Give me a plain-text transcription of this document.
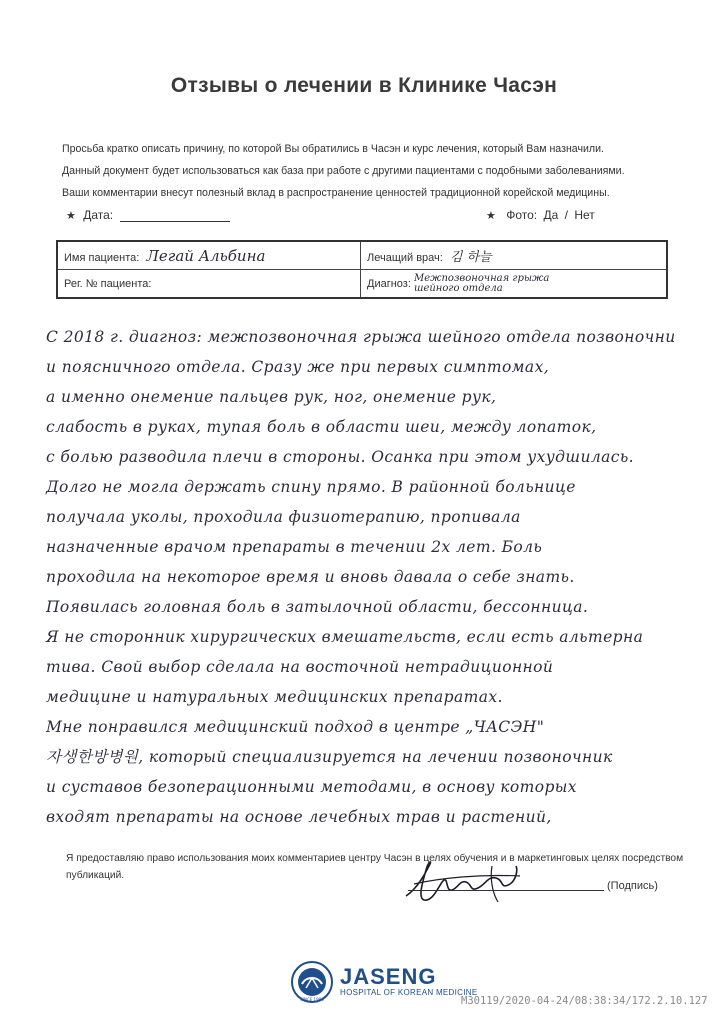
Отзывы о лечении в Клинике Часэн
Просьба кратко описать причину, по которой Вы обратились в Часэн и курс лечения, который Вам назначили.
Данный документ будет использоваться как база при работе с другими пациентами с подобными заболеваниями.
Ваши комментарии внесут полезный вклад в распространение ценностей традиционной корейской медицины.
★ Дата:	★ Фото: Да / Нет
Имя пациента: Легай Альбина	Лечащий врач: 김 하늘
Рег. № пациента:	Диагноз: Межпозвоночная грыжа
шейного отдела
С 2018 г. диагноз: межпозвоночная грыжа шейного отдела позвоночни
и поясничного отдела. Сразу же при первых симптомах,
а именно онемение пальцев рук, ног, онемение рук,
слабость в руках, тупая боль в области шеи, между лопаток,
с болью разводила плечи в стороны. Осанка при этом ухудшилась.
Долго не могла держать спину прямо. В районной больнице
получала уколы, проходила физиотерапию, пропивала
назначенные врачом препараты в течении 2х лет. Боль
проходила на некоторое время и вновь давала о себе знать.
Появилась головная боль в затылочной области, бессонница.
Я не сторонник хирургических вмешательств, если есть альтерна
тива. Свой выбор сделала на восточной нетрадиционной
медицине и натуральных медицинских препаратах.
Мне понравился медицинский подход в центре „ЧАСЭН"
자생한방병원, который специализируется на лечении позвоночник
и суставов безоперационными методами, в основу которых
входят препараты на основе лечебных трав и растений,
Я предоставляю право использования моих комментариев центру Часэн в целях обучения и в маркетинговых целях посредством публикаций.
(Подпись)
SINCE 1990
JASENG
HOSPITAL OF KOREAN MEDICINE
M30119/2020-04-24/08:38:34/172.2.10.127
